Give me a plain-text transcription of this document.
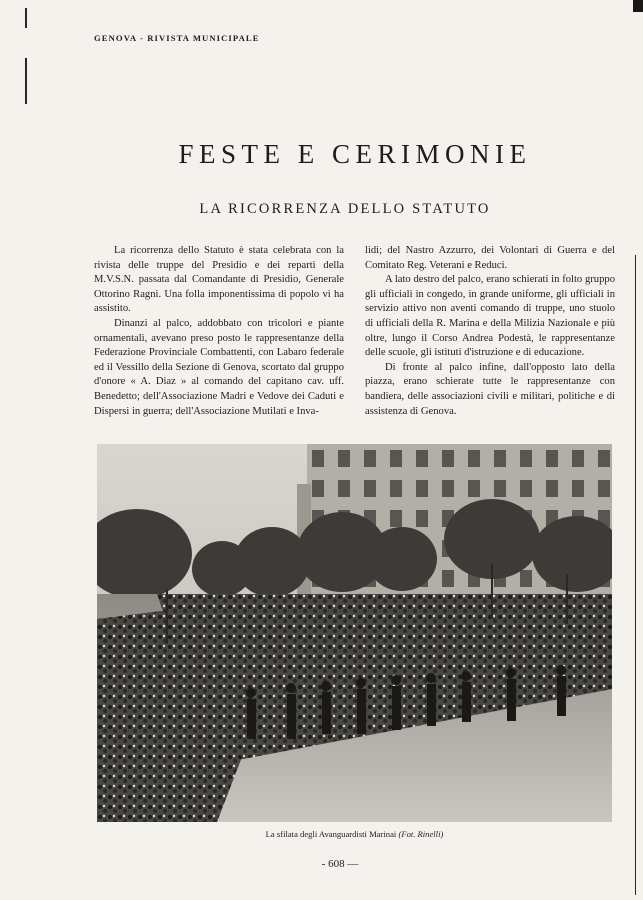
GENOVA - RIVISTA MUNICIPALE
FESTE E CERIMONIE
LA RICORRENZA DELLO STATUTO

La ricorrenza dello Statuto è stata celebrata con la rivista delle truppe del Presidio e dei reparti della M.V.S.N. passata dal Comandante di Presidio, Generale Ottorino Ragni. Una folla imponentissima di popolo vi ha assistito.

Dinanzi al palco, addobbato con tricolori e piante ornamentali, avevano preso posto le rappresentanze della Federazione Provinciale Combattenti, con Labaro federale ed il Vessillo della Sezione di Genova, scortato dal gruppo d'onore « A. Diaz » al comando del capitano cav. uff. Benedetto; dell'Associazione Madri e Vedove dei Caduti e Dispersi in guerra; dell'Associazione Mutilati e Inva-

lidi; del Nastro Azzurro, dei Volontari di Guerra e del Comitato Reg. Veterani e Reduci.

A lato destro del palco, erano schierati in folto gruppo gli ufficiali in congedo, in grande uniforme, gli ufficiali in servizio attivo non aventi comando di truppe, uno stuolo di ufficiali della R. Marina e della Milizia Nazionale e più oltre, lungo il Corso Andrea Podestà, le rappresentanze delle scuole, gli istituti d'istruzione e di educazione.

Di fronte al palco infine, dall'opposto lato della piazza, erano schierate tutte le rappresentanze con bandiera, delle associazioni civili e militari, politiche e di assistenza di Genova.

La sfilata degli Avanguardisti Marinai (Fot. Rinelli)
- 608 —
